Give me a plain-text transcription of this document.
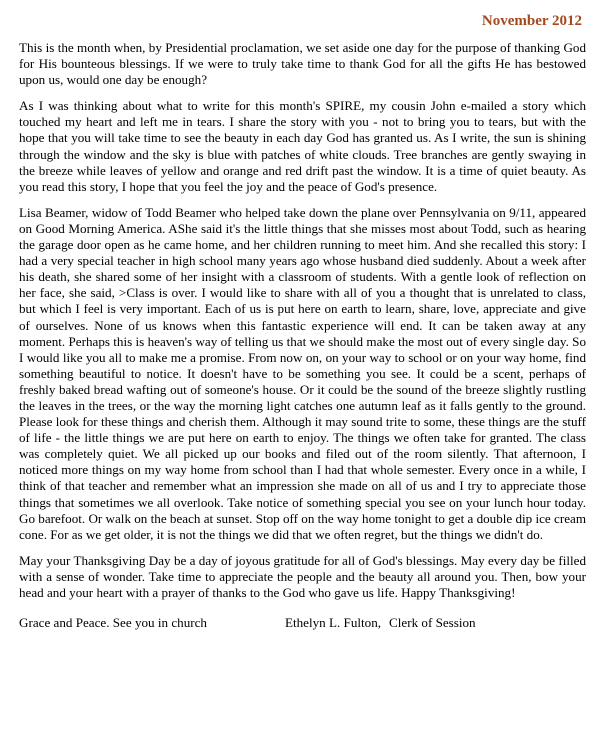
November 2012

This is the month when, by Presidential proclamation, we set aside one day for the purpose of thanking God for His bounteous blessings. If we were to truly take time to thank God for all the gifts He has bestowed upon us, would one day be enough?

As I was thinking about what to write for this month's SPIRE, my cousin John e-mailed a story which touched my heart and left me in tears. I share the story with you - not to bring you to tears, but with the hope that you will take time to see the beauty in each day God has granted us. As I write, the sun is shining through the window and the sky is blue with patches of white clouds. Tree branches are gently swaying in the breeze while leaves of yellow and orange and red drift past the window. It is a time of quiet beauty. As you read this story, I hope that you feel the joy and the peace of God's presence.

Lisa Beamer, widow of Todd Beamer who helped take down the plane over Pennsylvania on 9/11, appeared on Good Morning America. AShe said it's the little things that she misses most about Todd, such as hearing the garage door open as he came home, and her children running to meet him. And she recalled this story: I had a very special teacher in high school many years ago whose husband died suddenly. About a week after his death, she shared some of her insight with a classroom of students. With a gentle look of reflection on her face, she said, >Class is over. I would like to share with all of you a thought that is unrelated to class, but which I feel is very important. Each of us is put here on earth to learn, share, love, appreciate and give of ourselves. None of us knows when this fantastic experience will end. It can be taken away at any moment. Perhaps this is heaven's way of telling us that we should make the most out of every single day. So I would like you all to make me a promise. From now on, on your way to school or on your way home, find something beautiful to notice. It doesn't have to be something you see. It could be a scent, perhaps of freshly baked bread wafting out of someone's house. Or it could be the sound of the breeze slightly rustling the leaves in the trees, or the way the morning light catches one autumn leaf as it falls gently to the ground. Please look for these things and cherish them. Although it may sound trite to some, these things are the stuff of life - the little things we are put here on earth to enjoy. The things we often take for granted. The class was completely quiet. We all picked up our books and filed out of the room silently. That afternoon, I noticed more things on my way home from school than I had that whole semester. Every once in a while, I think of that teacher and remember what an impression she made on all of us and I try to appreciate those things that sometimes we all overlook. Take notice of something special you see on your lunch hour today. Go barefoot. Or walk on the beach at sunset. Stop off on the way home tonight to get a double dip ice cream cone. For as we get older, it is not the things we did that we often regret, but the things we didn't do.

May your Thanksgiving Day be a day of joyous gratitude for all of God's blessings. May every day be filled with a sense of wonder. Take time to appreciate the people and the beauty all around you. Then, bow your head and your heart with a prayer of thanks to the God who gave us life. Happy Thanksgiving!

Grace and Peace. See you in church	Ethelyn L. Fulton, Clerk of Session
